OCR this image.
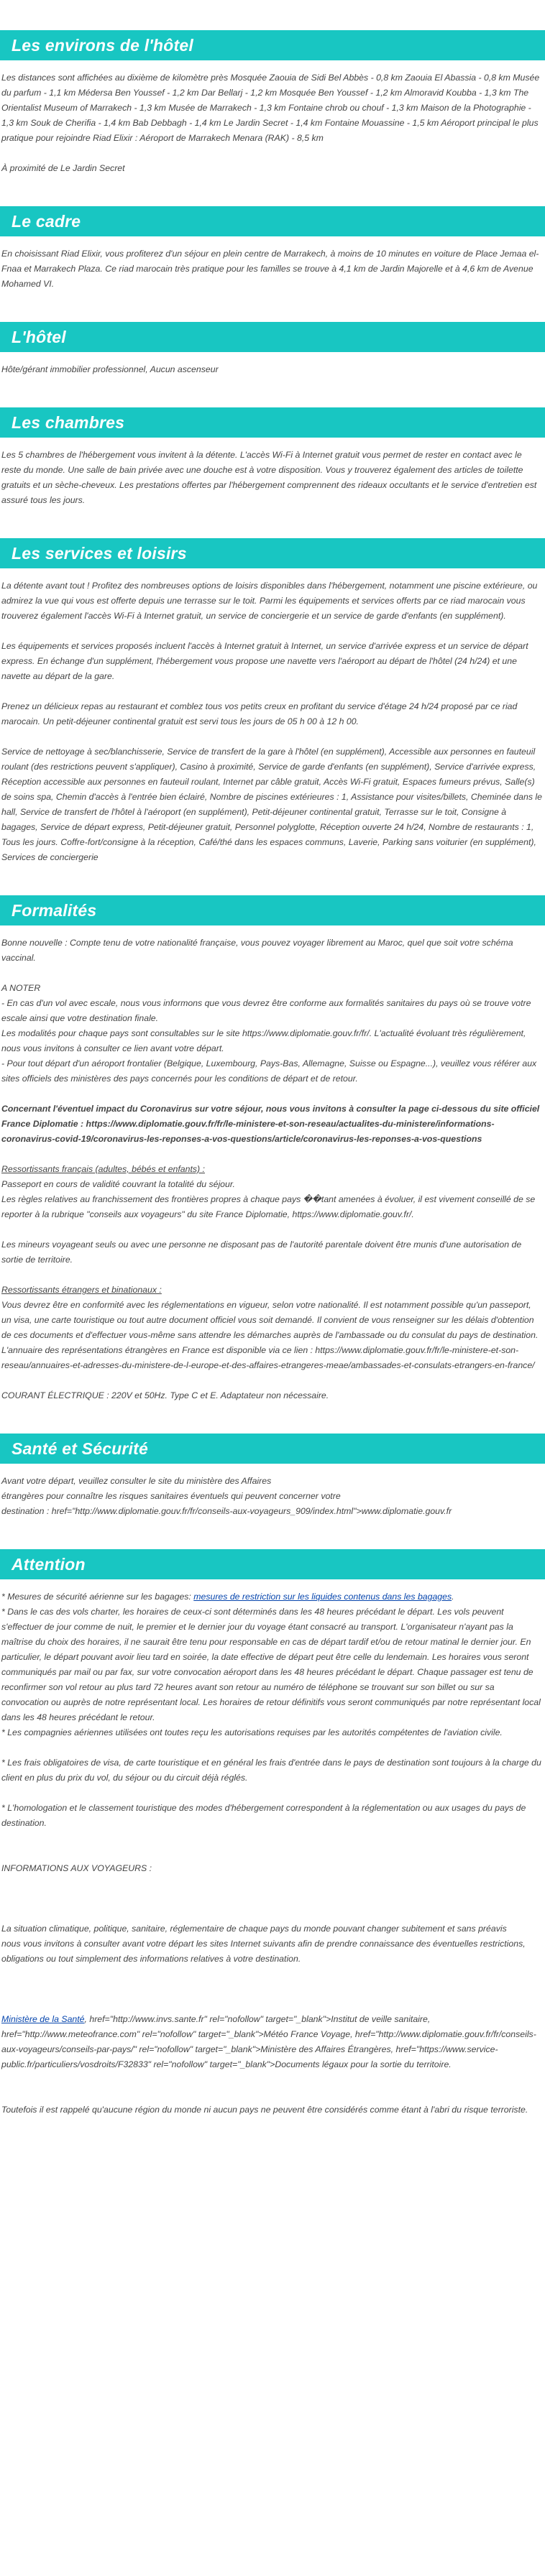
Les environs de l'hôtel

Les distances sont affichées au dixième de kilomètre près Mosquée Zaouia de Sidi Bel Abbès - 0,8 km Zaouia El Abassia - 0,8 km Musée du parfum - 1,1 km Médersa Ben Youssef - 1,2 km Dar Bellarj - 1,2 km Mosquée Ben Youssef - 1,2 km Almoravid Koubba - 1,3 km The Orientalist Museum of Marrakech - 1,3 km Musée de Marrakech - 1,3 km Fontaine chrob ou chouf - 1,3 km Maison de la Photographie - 1,3 km Souk de Cherifia - 1,4 km Bab Debbagh - 1,4 km Le Jardin Secret - 1,4 km Fontaine Mouassine - 1,5 km Aéroport principal le plus pratique pour rejoindre Riad Elixir : Aéroport de Marrakech Menara (RAK) - 8,5 km

À proximité de Le Jardin Secret

Le cadre

En choisissant Riad Elixir, vous profiterez d'un séjour en plein centre de Marrakech, à moins de 10 minutes en voiture de Place Jemaa el-Fnaa et Marrakech Plaza. Ce riad marocain très pratique pour les familles se trouve à 4,1 km de Jardin Majorelle et à 4,6 km de Avenue Mohamed VI.

L'hôtel

Hôte/gérant immobilier professionnel, Aucun ascenseur

Les chambres

Les 5 chambres de l'hébergement vous invitent à la détente. L'accès Wi-Fi à Internet gratuit vous permet de rester en contact avec le reste du monde. Une salle de bain privée avec une douche est à votre disposition. Vous y trouverez également des articles de toilette gratuits et un sèche-cheveux. Les prestations offertes par l'hébergement comprennent des rideaux occultants et le service d'entretien est assuré tous les jours.

Les services et loisirs

La détente avant tout ! Profitez des nombreuses options de loisirs disponibles dans l'hébergement, notamment une piscine extérieure, ou admirez la vue qui vous est offerte depuis une terrasse sur le toit. Parmi les équipements et services offerts par ce riad marocain vous trouverez également l'accès Wi-Fi à Internet gratuit, un service de conciergerie et un service de garde d'enfants (en supplément).

Les équipements et services proposés incluent l'accès à Internet gratuit à Internet, un service d'arrivée express et un service de départ express. En échange d'un supplément, l'hébergement vous propose une navette vers l'aéroport au départ de l'hôtel (24 h/24) et une navette au départ de la gare.

Prenez un délicieux repas au restaurant et comblez tous vos petits creux en profitant du service d'étage 24 h/24 proposé par ce riad marocain. Un petit-déjeuner continental gratuit est servi tous les jours de 05 h 00 à 12 h 00.

Service de nettoyage à sec/blanchisserie, Service de transfert de la gare à l'hôtel (en supplément), Accessible aux personnes en fauteuil roulant (des restrictions peuvent s'appliquer), Casino à proximité, Service de garde d'enfants (en supplément), Service d'arrivée express, Réception accessible aux personnes en fauteuil roulant, Internet par câble gratuit, Accès Wi-Fi gratuit, Espaces fumeurs prévus, Salle(s) de soins spa, Chemin d'accès à l'entrée bien éclairé, Nombre de piscines extérieures : 1, Assistance pour visites/billets, Cheminée dans le hall, Service de transfert de l'hôtel à l'aéroport (en supplément), Petit-déjeuner continental gratuit, Terrasse sur le toit, Consigne à bagages, Service de départ express, Petit-déjeuner gratuit, Personnel polyglotte, Réception ouverte 24 h/24, Nombre de restaurants : 1, Tous les jours. Coffre-fort/consigne à la réception, Café/thé dans les espaces communs, Laverie, Parking sans voiturier (en supplément), Services de conciergerie

Formalités

Bonne nouvelle : Compte tenu de votre nationalité française, vous pouvez voyager librement au Maroc, quel que soit votre schéma vaccinal.

A NOTER

- En cas d'un vol avec escale, nous vous informons que vous devrez être conforme aux formalités sanitaires du pays où se trouve votre escale ainsi que votre destination finale.

Les modalités pour chaque pays sont consultables sur le site https://www.diplomatie.gouv.fr/fr/. L'actualité évoluant très régulièrement, nous vous invitons à consulter ce lien avant votre départ.

- Pour tout départ d'un aéroport frontalier (Belgique, Luxembourg, Pays-Bas, Allemagne, Suisse ou Espagne...), veuillez vous référer aux sites officiels des ministères des pays concernés pour les conditions de départ et de retour.

Concernant l'éventuel impact du Coronavirus sur votre séjour, nous vous invitons à consulter la page ci-dessous du site officiel France Diplomatie : https://www.diplomatie.gouv.fr/fr/le-ministere-et-son-reseau/actualites-du-ministere/informations-coronavirus-covid-19/coronavirus-les-reponses-a-vos-questions/article/coronavirus-les-reponses-a-vos-questions

Ressortissants français (adultes, bébés et enfants) :

Passeport en cours de validité couvrant la totalité du séjour.

Les règles relatives au franchissement des frontières propres à chaque pays ��tant amenées à évoluer, il est vivement conseillé de se reporter à la rubrique "conseils aux voyageurs" du site France Diplomatie, https://www.diplomatie.gouv.fr/.

Les mineurs voyageant seuls ou avec une personne ne disposant pas de l'autorité parentale doivent être munis d'une autorisation de sortie de territoire.

Ressortissants étrangers et binationaux :

Vous devrez être en conformité avec les réglementations en vigueur, selon votre nationalité. Il est notamment possible qu'un passeport, un visa, une carte touristique ou tout autre document officiel vous soit demandé. Il convient de vous renseigner sur les délais d'obtention de ces documents et d'effectuer vous-même sans attendre les démarches auprès de l'ambassade ou du consulat du pays de destination.

L'annuaire des représentations étrangères en France est disponible via ce lien : https://www.diplomatie.gouv.fr/fr/le-ministere-et-son-reseau/annuaires-et-adresses-du-ministere-de-l-europe-et-des-affaires-etrangeres-meae/ambassades-et-consulats-etrangers-en-france/

COURANT ÉLECTRIQUE : 220V et 50Hz. Type C et E. Adaptateur non nécessaire.

Santé et Sécurité

Avant votre départ, veuillez consulter le site du ministère des Affaires

étrangères pour connaître les risques sanitaires éventuels qui peuvent concerner votre

destination : href="http://www.diplomatie.gouv.fr/fr/conseils-aux-voyageurs_909/index.html">www.diplomatie.gouv.fr

Attention

* Mesures de sécurité aérienne sur les bagages: mesures de restriction sur les liquides contenus dans les bagages.

* Dans le cas des vols charter, les horaires de ceux-ci sont déterminés dans les 48 heures précédant le départ. Les vols peuvent s'effectuer de jour comme de nuit, le premier et le dernier jour du voyage étant consacré au transport. L'organisateur n'ayant pas la maîtrise du choix des horaires, il ne saurait être tenu pour responsable en cas de départ tardif et/ou de retour matinal le dernier jour. En particulier, le départ pouvant avoir lieu tard en soirée, la date effective de départ peut être celle du lendemain. Les horaires vous seront communiqués par mail ou par fax, sur votre convocation aéroport dans les 48 heures précédant le départ. Chaque passager est tenu de reconfirmer son vol retour au plus tard 72 heures avant son retour au numéro de téléphone se trouvant sur son billet ou sur sa convocation ou auprès de notre représentant local. Les horaires de retour définitifs vous seront communiqués par notre représentant local dans les 48 heures précédant le retour.

* Les compagnies aériennes utilisées ont toutes reçu les autorisations requises par les autorités compétentes de l'aviation civile.

* Les frais obligatoires de visa, de carte touristique et en général les frais d'entrée dans le pays de destination sont toujours à la charge du client en plus du prix du vol, du séjour ou du circuit déjà réglés.

* L'homologation et le classement touristique des modes d'hébergement correspondent à la réglementation ou aux usages du pays de destination.

INFORMATIONS AUX VOYAGEURS :

La situation climatique, politique, sanitaire, réglementaire de chaque pays du monde pouvant changer subitement et sans préavis

nous vous invitons à consulter avant votre départ les sites Internet suivants afin de prendre connaissance des éventuelles restrictions, obligations ou tout simplement des informations relatives à votre destination.

Ministère de la Santé, href="http://www.invs.sante.fr" rel="nofollow" target="_blank">Institut de veille sanitaire, href="http://www.meteofrance.com" rel="nofollow" target="_blank">Météo France Voyage, href="http://www.diplomatie.gouv.fr/fr/conseils-aux-voyageurs/conseils-par-pays/" rel="nofollow" target="_blank">Ministère des Affaires Étrangères, href="https://www.service-public.fr/particuliers/vosdroits/F32833" rel="nofollow" target="_blank">Documents légaux pour la sortie du territoire.

Toutefois il est rappelé qu'aucune région du monde ni aucun pays ne peuvent être considérés comme étant à l'abri du risque terroriste.
